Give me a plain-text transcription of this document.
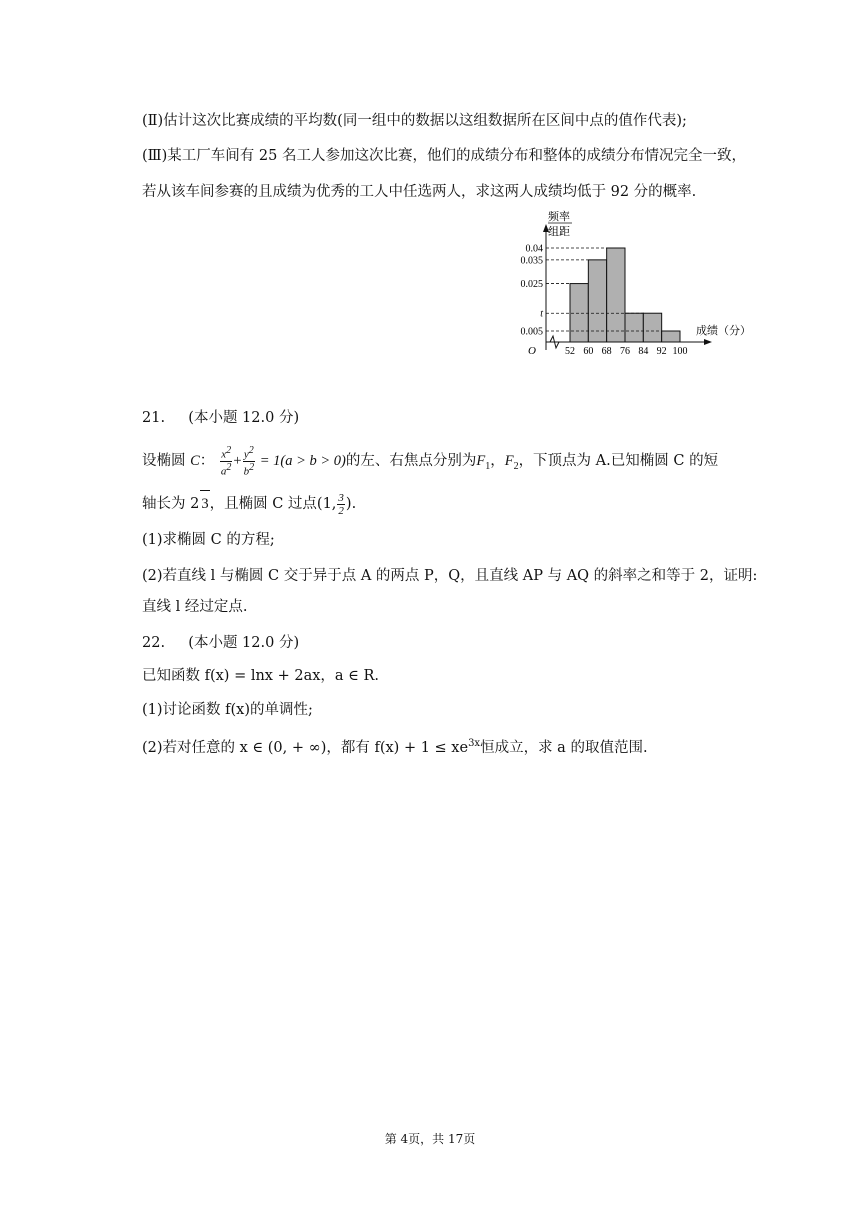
(Ⅱ)估计这次比赛成绩的平均数(同一组中的数据以这组数据所在区间中点的值作代表);
(Ⅲ)某工厂车间有 25 名工人参加这次比赛，他们的成绩分布和整体的成绩分布情况完全一致，
若从该车间参赛的且成绩为优秀的工人中任选两人，求这两人成绩均低于 92 分的概率.
频率
组距
O
成绩（分）
0.04
0.035
0.025
t
0.005
52 60 68 76 84 92 100
21. (本小题 12.0 分)
设椭圆 C： $\frac{x^2}{a^2} + \frac{y^2}{b^2} = 1(a > b > 0)$的左、右焦点分别为$F_1$，$F_2$，下顶点为 A.已知椭圆 C 的短
轴长为 2 3，且椭圆 C 过点(1, $\frac{3}{2}$ ).
(1)求椭圆 C 的方程;
(2)若直线 l 与椭圆 C 交于异于点 A 的两点 P，Q，且直线 AP 与 AQ 的斜率之和等于 2，证明:
直线 l 经过定点.
22. (本小题 12.0 分)
已知函数 f(x) = lnx + 2ax，a ∈ R.
(1)讨论函数 f(x)的单调性;
(2)若对任意的 x ∈ (0, + ∞)，都有 $f(x) + 1 \le xe^{3x}$恒成立，求 a 的取值范围.
第 4页，共 17页
